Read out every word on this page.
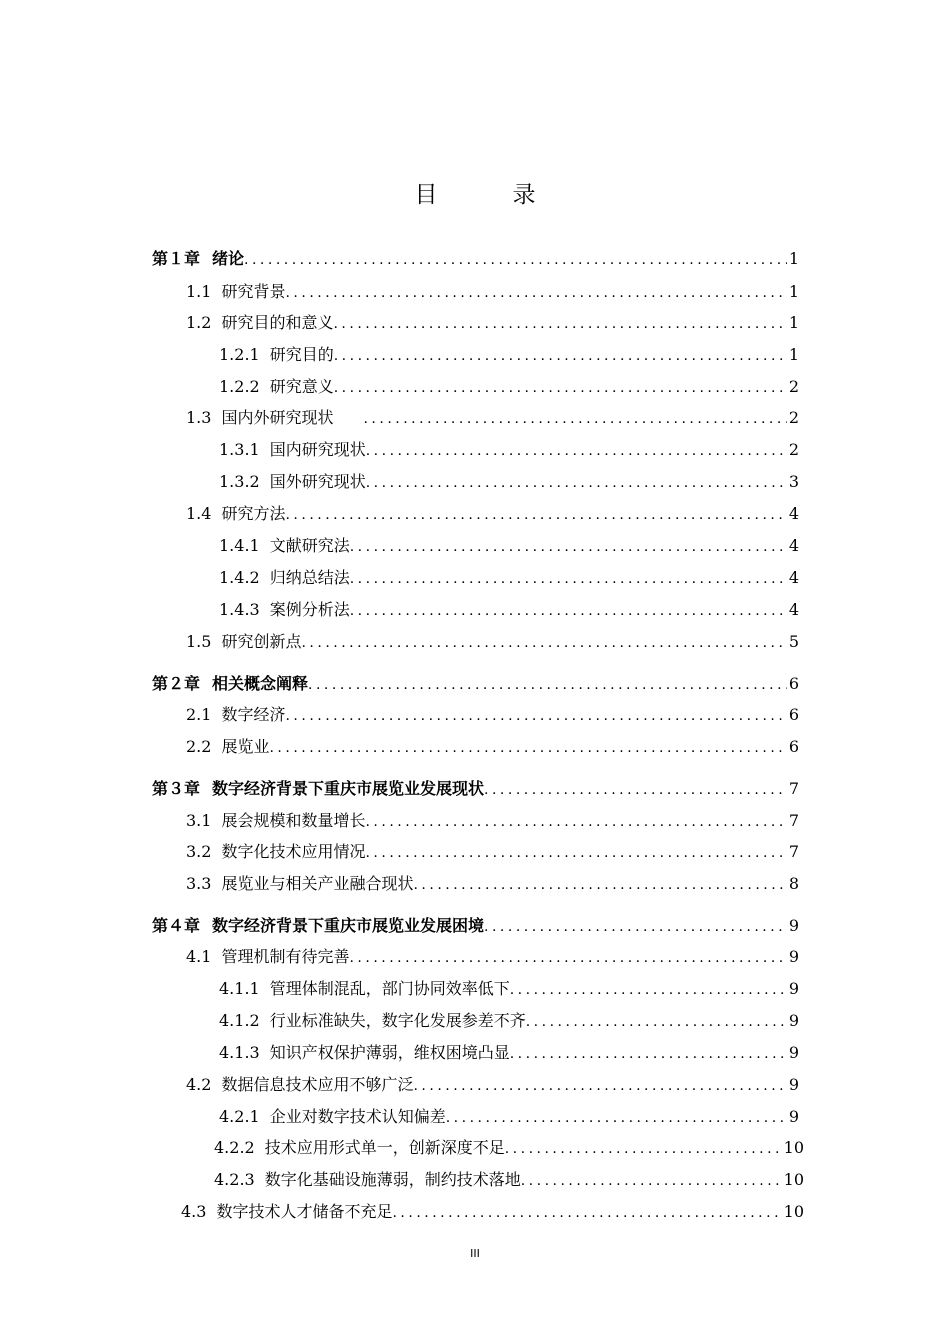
目　录
第１章 绪论 .....	1
1.1 研究背景 .....	1
1.2 研究目的和意义 .....	1
1.2.1 研究目的 .....	1
1.2.2 研究意义 .....	2
1.3 国内外研究现状 .....	2
1.3.1 国内研究现状 .....	2
1.3.2 国外研究现状 .....	3
1.4 研究方法 .....	4
1.4.1 文献研究法 .....	4
1.4.2 归纳总结法 .....	4
1.4.3 案例分析法 .....	4
1.5 研究创新点 .....	5
第２章 相关概念阐释 .....	6
2.1 数字经济 .....	6
2.2 展览业 .....	6
第３章 数字经济背景下重庆市展览业发展现状 .....	7
3.1 展会规模和数量增长 .....	7
3.2 数字化技术应用情况 .....	7
3.3 展览业与相关产业融合现状 .....	8
第４章 数字经济背景下重庆市展览业发展困境 .....	9
4.1 管理机制有待完善 .....	9
4.1.1 管理体制混乱，部门协同效率低下 .....	9
4.1.2 行业标准缺失，数字化发展参差不齐 .....	9
4.1.3 知识产权保护薄弱，维权困境凸显 .....	9
4.2 数据信息技术应用不够广泛 .....	9
4.2.1 企业对数字技术认知偏差 .....	9
4.2.2 技术应用形式单一，创新深度不足 .....	10
4.2.3 数字化基础设施薄弱，制约技术落地 .....	10
4.3 数字技术人才储备不充足 .....	10
III
